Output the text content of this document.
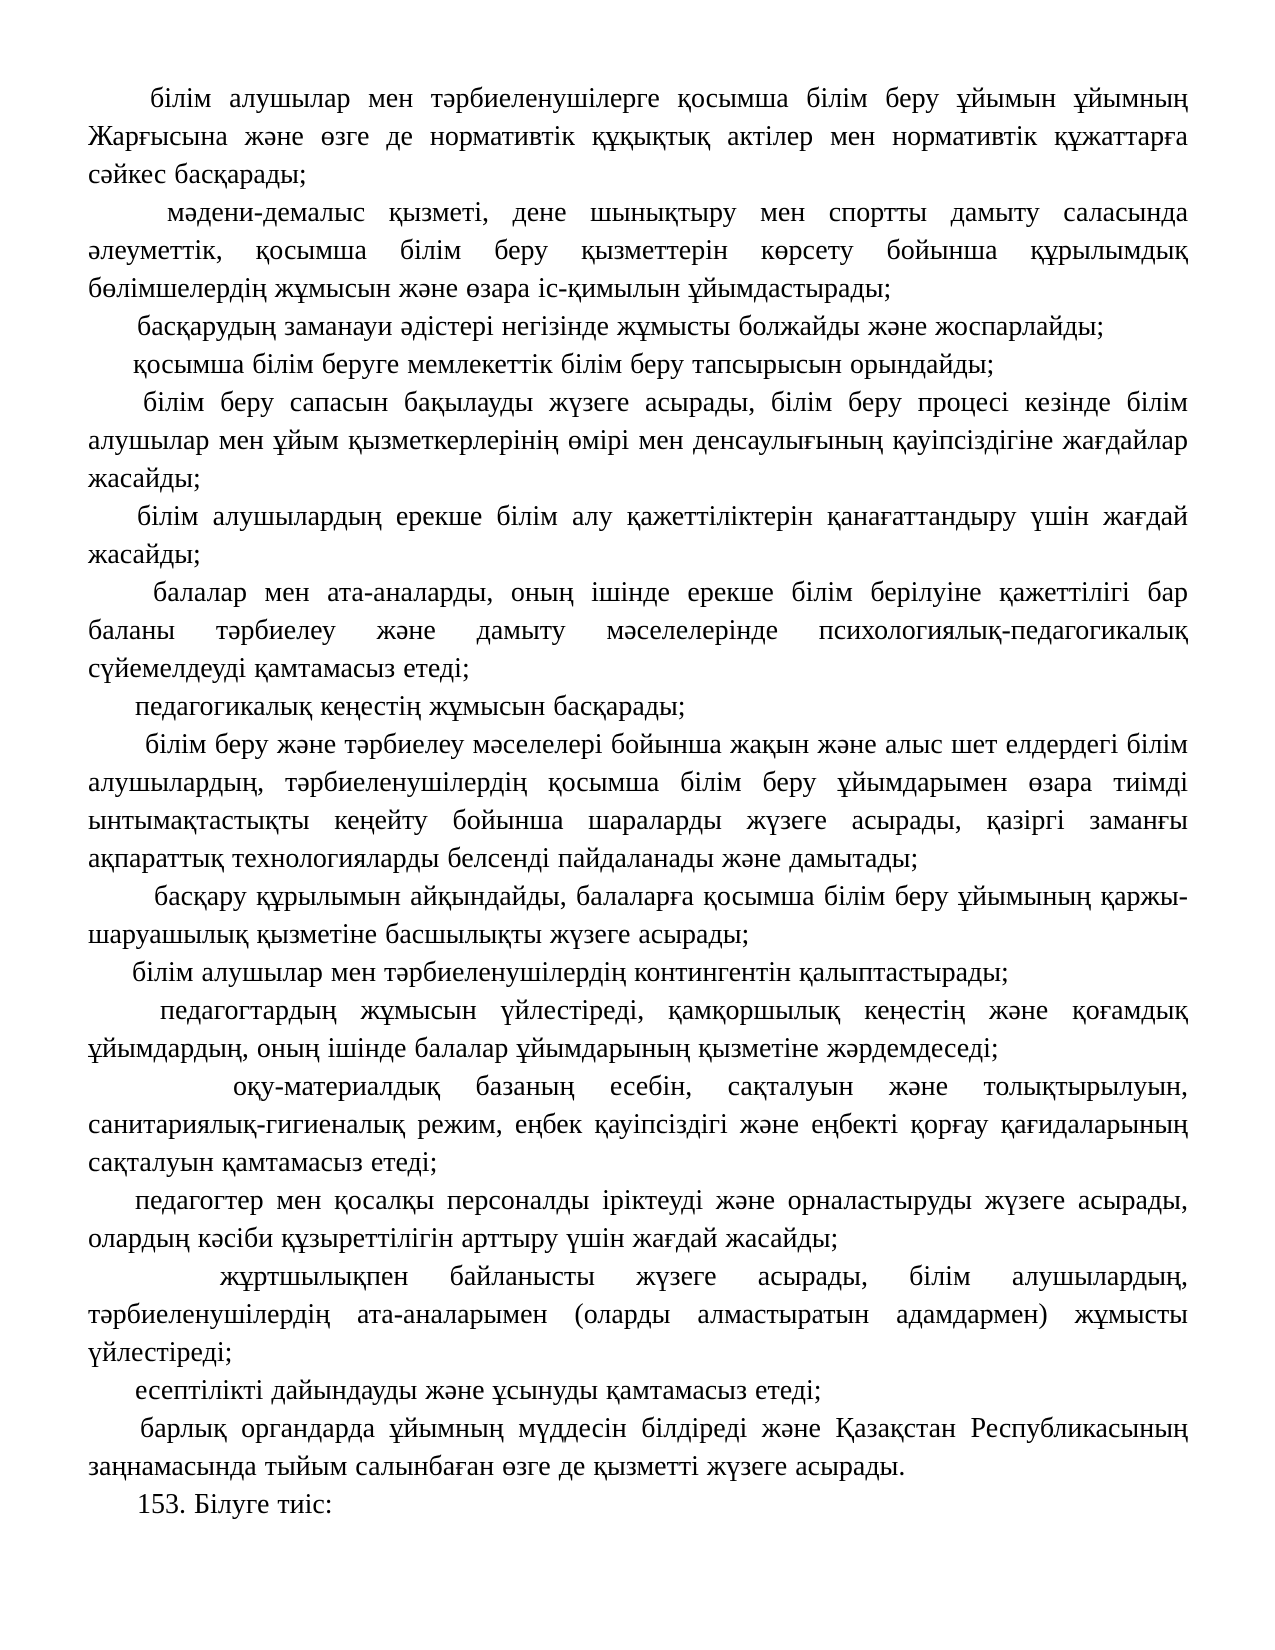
білім алушылар мен тәрбиеленушілерге қосымша білім беру ұйымын ұйымның Жарғысына және өзге де нормативтік құқықтық актілер мен нормативтік құжаттарға сәйкес басқарады;

мәдени-демалыс қызметі, дене шынықтыру мен спортты дамыту саласында әлеуметтік, қосымша білім беру қызметтерін көрсету бойынша құрылымдық бөлімшелердің жұмысын және өзара іс-қимылын ұйымдастырады;

басқарудың заманауи әдістері негізінде жұмысты болжайды және жоспарлайды;

қосымша білім беруге мемлекеттік білім беру тапсырысын орындайды;

білім беру сапасын бақылауды жүзеге асырады, білім беру процесі кезінде білім алушылар мен ұйым қызметкерлерінің өмірі мен денсаулығының қауіпсіздігіне жағдайлар жасайды;

білім алушылардың ерекше білім алу қажеттіліктерін қанағаттандыру үшін жағдай жасайды;

балалар мен ата-аналарды, оның ішінде ерекше білім берілуіне қажеттілігі бар баланы тәрбиелеу және дамыту мәселелерінде психологиялық-педагогикалық сүйемелдеуді қамтамасыз етеді;

педагогикалық кеңестің жұмысын басқарады;

білім беру және тәрбиелеу мәселелері бойынша жақын және алыс шет елдердегі білім алушылардың, тәрбиеленушілердің қосымша білім беру ұйымдарымен өзара тиімді ынтымақтастықты кеңейту бойынша шараларды жүзеге асырады, қазіргі заманғы ақпараттық технологияларды белсенді пайдаланады және дамытады;

басқару құрылымын айқындайды, балаларға қосымша білім беру ұйымының қаржы-шаруашылық қызметіне басшылықты жүзеге асырады;

білім алушылар мен тәрбиеленушілердің контингентін қалыптастырады;

педагогтардың жұмысын үйлестіреді, қамқоршылық кеңестің және қоғамдық ұйымдардың, оның ішінде балалар ұйымдарының қызметіне жәрдемдеседі;

оқу-материалдық базаның есебін, сақталуын және толықтырылуын, санитариялық-гигиеналық режим, еңбек қауіпсіздігі және еңбекті қорғау қағидаларының сақталуын қамтамасыз етеді;

педагогтер мен қосалқы персоналды іріктеуді және орналастыруды жүзеге асырады, олардың кәсіби құзыреттілігін арттыру үшін жағдай жасайды;

жұртшылықпен байланысты жүзеге асырады, білім алушылардың, тәрбиеленушілердің ата-аналарымен (оларды алмастыратын адамдармен) жұмысты үйлестіреді;

есептілікті дайындауды және ұсынуды қамтамасыз етеді;

барлық органдарда ұйымның мүддесін білдіреді және Қазақстан Республикасының заңнамасында тыйым салынбаған өзге де қызметті жүзеге асырады.

153. Білуге тиіс:
